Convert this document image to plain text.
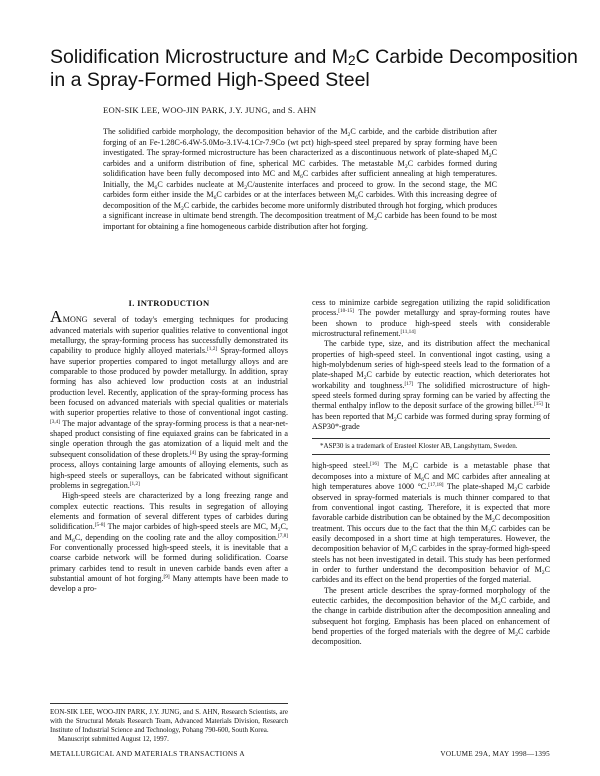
Solidification Microstructure and $M_2C$ Carbide Decomposition
in a Spray-Formed High-Speed Steel

EON-SIK LEE, WOO-JIN PARK, J.Y. JUNG, and S. AHN

The solidified carbide morphology, the decomposition behavior of the $M_2C$ carbide, and the carbide distribution after forging of an Fe-1.28C-6.4W-5.0Mo-3.1V-4.1Cr-7.9Co (wt pct) high-speed steel prepared by spray forming have been investigated. The spray-formed microstructure has been characterized as a discontinuous network of plate-shaped $M_2C$ carbides and a uniform distribution of fine, spherical MC carbides. The metastable $M_2C$ carbides formed during solidification have been fully decomposed into MC and $M_6C$ carbides after sufficient annealing at high temperatures. Initially, the $M_6C$ carbides nucleate at $M_2C$/austenite interfaces and proceed to grow. In the second stage, the MC carbides form either inside the $M_6C$ carbides or at the interfaces between $M_6C$ carbides. With this increasing degree of decomposition of the $M_2C$ carbide, the carbides become more uniformly distributed through hot forging, which produces a significant increase in ultimate bend strength. The decomposition treatment of $M_2C$ carbide has been found to be most important for obtaining a fine homogeneous carbide distribution after hot forging.

I. INTRODUCTION

AMONG several of today's emerging techniques for producing advanced materials with superior qualities relative to conventional ingot metallurgy, the spray-forming process has successfully demonstrated its capability to produce highly alloyed materials.[1,2] Spray-formed alloys have superior properties compared to ingot metallurgy alloys and are comparable to those produced by powder metallurgy. In addition, spray forming has also achieved low production costs at an industrial production level. Recently, application of the spray-forming process has been focused on advanced materials with special qualities or materials with superior properties relative to those of conventional ingot casting.[3,4] The major advantage of the spray-forming process is that a near-net-shaped product consisting of fine equiaxed grains can be fabricated in a single operation through the gas atomization of a liquid melt and the subsequent consolidation of these droplets.[4] By using the spray-forming process, alloys containing large amounts of alloying elements, such as high-speed steels or superalloys, can be fabricated without significant problems in segregation.[1,2]

High-speed steels are characterized by a long freezing range and complex eutectic reactions. This results in segregation of alloying elements and formation of several different types of carbides during solidification.[5-8] The major carbides of high-speed steels are MC, $M_2C$, and $M_6C$, depending on the cooling rate and the alloy composition.[7,8] For conventionally processed high-speed steels, it is inevitable that a coarse carbide network will be formed during solidification. Coarse primary carbides tend to result in uneven carbide bands even after a substantial amount of hot forging.[9] Many attempts have been made to develop a pro-

EON-SIK LEE, WOO-JIN PARK, J.Y. JUNG, and S. AHN, Research Scientists, are with the Structural Metals Research Team, Advanced Materials Division, Research Institute of Industrial Science and Technology, Pohang 790-600, South Korea.

Manuscript submitted August 12, 1997.

cess to minimize carbide segregation utilizing the rapid solidification process.[10-15] The powder metallurgy and spray-forming routes have been shown to produce high-speed steels with considerable microstructural refinement.[11,14]

The carbide type, size, and its distribution affect the mechanical properties of high-speed steel. In conventional ingot casting, using a high-molybdenum series of high-speed steels lead to the formation of a plate-shaped $M_2C$ carbide by eutectic reaction, which deteriorates hot workability and toughness.[17] The solidified microstructure of high-speed steels formed during spray forming can be varied by affecting the thermal enthalpy inflow to the deposit surface of the growing billet.[15] It has been reported that $M_2C$ carbide was formed during spray forming of ASP30*-grade

*ASP30 is a trademark of Erasteel Kloster AB, Langshyttam, Sweden.

high-speed steel.[16] The $M_2C$ carbide is a metastable phase that decomposes into a mixture of $M_6C$ and MC carbides after annealing at high temperatures above 1000 °C.[17,18] The plate-shaped $M_2C$ carbide observed in spray-formed materials is much thinner compared to that from conventional ingot casting. Therefore, it is expected that more favorable carbide distribution can be obtained by the $M_2C$ decomposition treatment. This occurs due to the fact that the thin $M_2C$ carbides can be easily decomposed in a short time at high temperatures. However, the decomposition behavior of $M_2C$ carbides in the spray-formed high-speed steels has not been investigated in detail. This study has been performed in order to further understand the decomposition behavior of $M_2C$ carbides and its effect on the bend properties of the forged material.

The present article describes the spray-formed morphology of the eutectic carbides, the decomposition behavior of the $M_2C$ carbide, and the change in carbide distribution after the decomposition annealing and subsequent hot forging. Emphasis has been placed on enhancement of bend properties of the forged materials with the degree of $M_2C$ carbide decomposition.

METALLURGICAL AND MATERIALS TRANSACTIONS A	VOLUME 29A, MAY 1998—1395
